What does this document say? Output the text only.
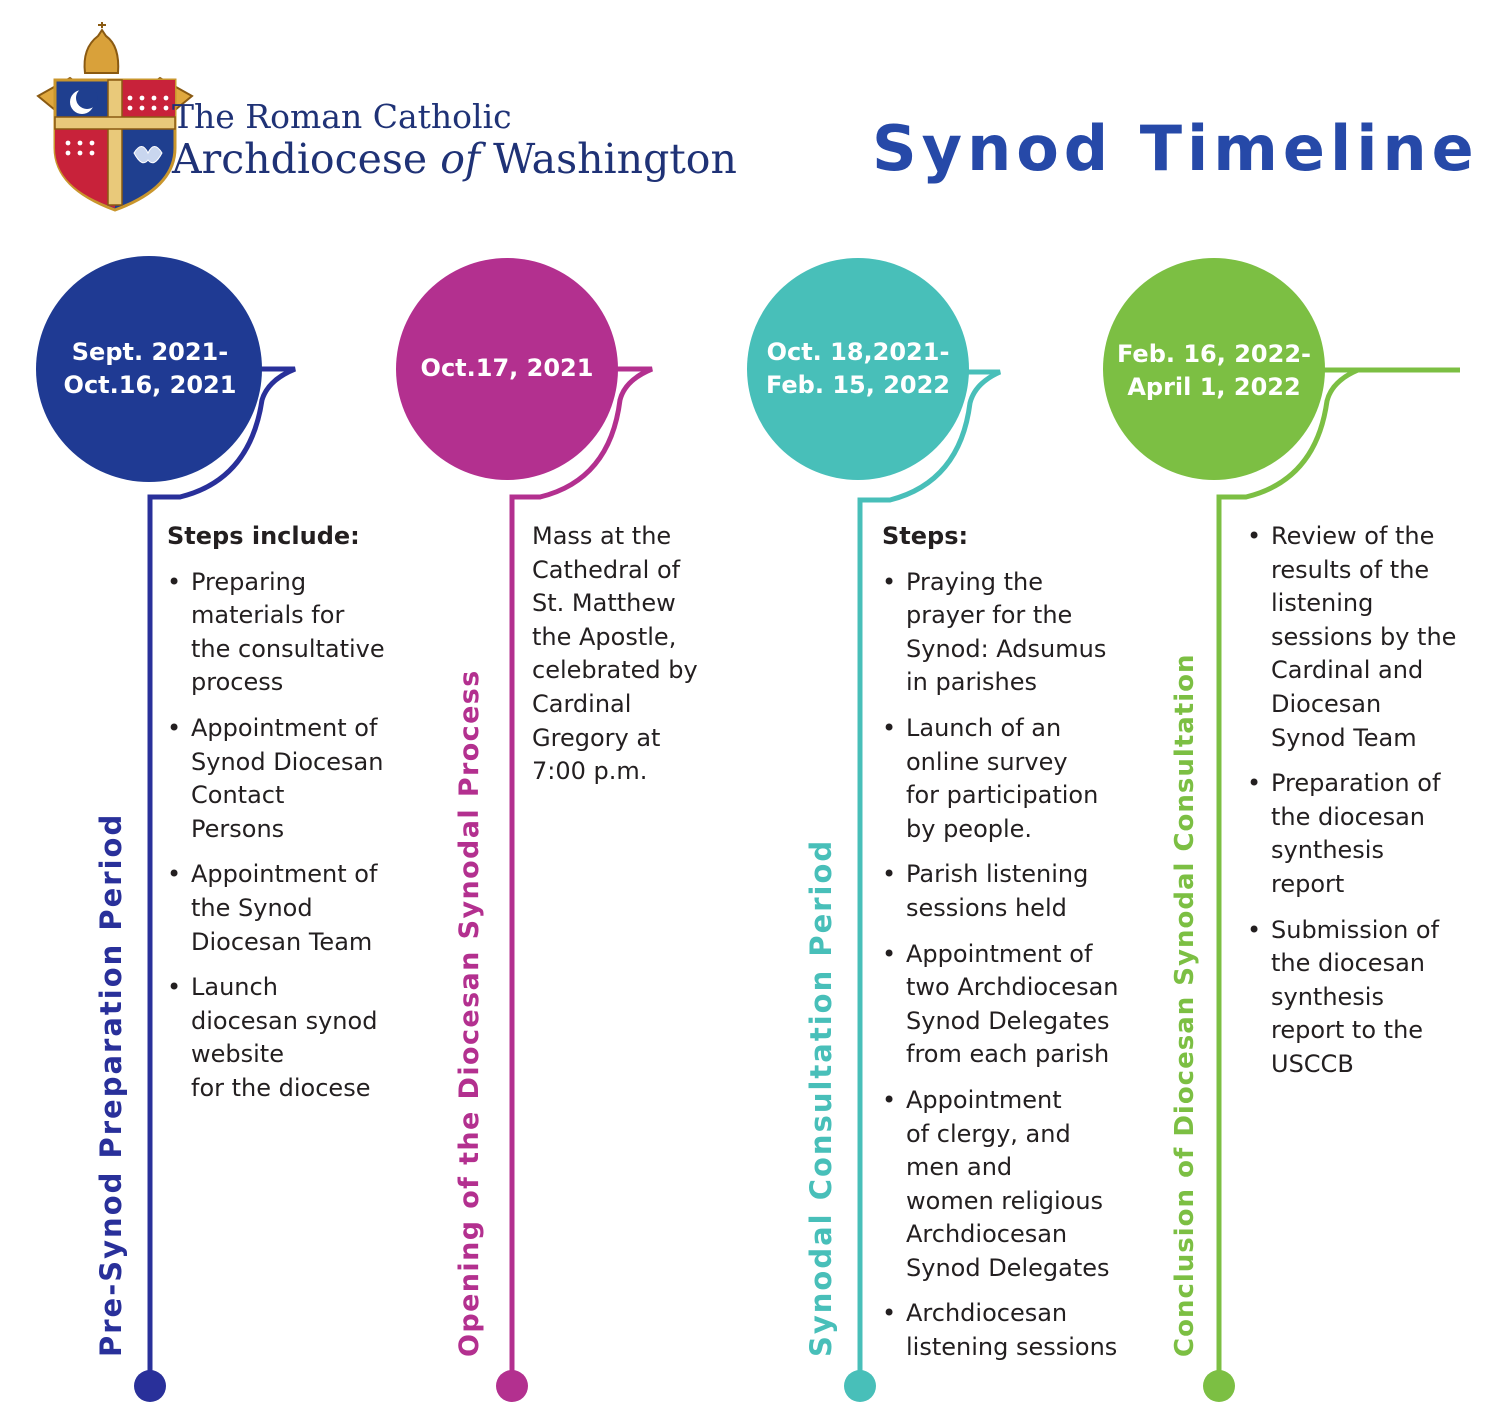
The Roman Catholic
Archdiocese of Washington Synod Timeline
Sept. 2021-
Oct.16, 2021
Oct.17, 2021
Oct. 18,2021-
Feb. 15, 2022
Feb. 16, 2022-
April 1, 2022
Pre-Synod Preparation Period	Opening of the Diocesan Synodal Process	Synodal Consultation Period	Conclusion of Diocesan Synodal Consultation
Steps include:
• Preparing
materials for
the consultative
process
• Appointment of
Synod Diocesan
Contact
Persons
• Appointment of
the Synod
Diocesan Team
• Launch
diocesan synod
website
for the diocese
Mass at the
Cathedral of
St. Matthew
the Apostle,
celebrated by
Cardinal
Gregory at
7:00 p.m.
Steps:
• Praying the
prayer for the
Synod: Adsumus
in parishes
• Launch of an
online survey
for participation
by people.
• Parish listening
sessions held
• Appointment of
two Archdiocesan
Synod Delegates
from each parish
• Appointment
of clergy, and
men and
women religious
Archdiocesan
Synod Delegates
• Archdiocesan
listening sessions
• Review of the
results of the
listening
sessions by the
Cardinal and
Diocesan
Synod Team
• Preparation of
the diocesan
synthesis
report
• Submission of
the diocesan
synthesis
report to the
USCCB
